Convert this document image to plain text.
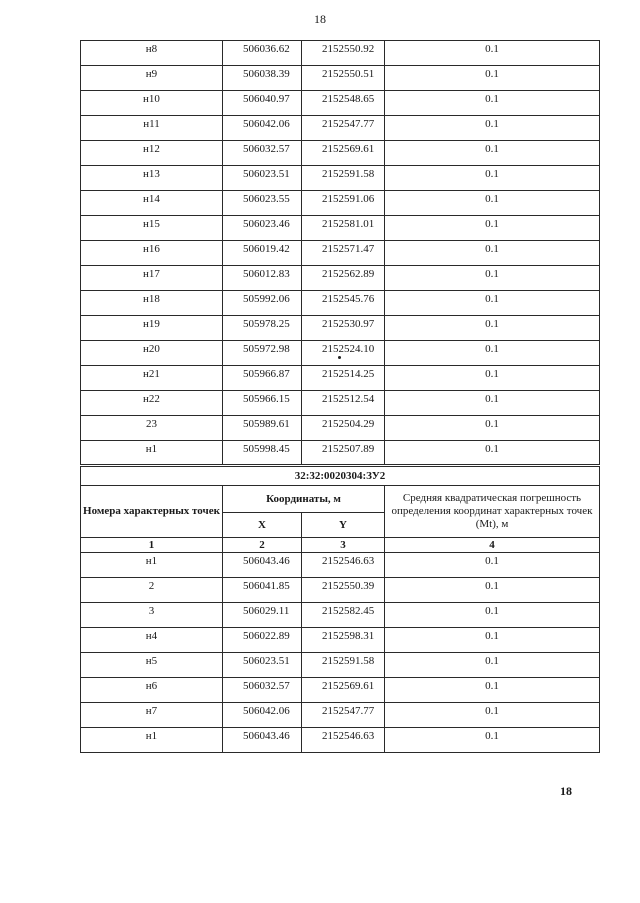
18
н8	506036.62	2152550.92	0.1
н9	506038.39	2152550.51	0.1
н10	506040.97	2152548.65	0.1
н11	506042.06	2152547.77	0.1
н12	506032.57	2152569.61	0.1
н13	506023.51	2152591.58	0.1
н14	506023.55	2152591.06	0.1
н15	506023.46	2152581.01	0.1
н16	506019.42	2152571.47	0.1
н17	506012.83	2152562.89	0.1
н18	505992.06	2152545.76	0.1
н19	505978.25	2152530.97	0.1
н20	505972.98	2152524.10	0.1
н21	505966.87	2152514.25	0.1
н22	505966.15	2152512.54	0.1
23	505989.61	2152504.29	0.1
н1	505998.45	2152507.89	0.1
32:32:0020304:ЗУ2			
Номера характерных точек	Координаты, м		Средняя квадратическая погрешность определения координат характерных точек (Mt), м
	X	Y	
1	2	3	4
н1	506043.46	2152546.63	0.1
2	506041.85	2152550.39	0.1
3	506029.11	2152582.45	0.1
н4	506022.89	2152598.31	0.1
н5	506023.51	2152591.58	0.1
н6	506032.57	2152569.61	0.1
н7	506042.06	2152547.77	0.1
н1	506043.46	2152546.63	0.1
18
